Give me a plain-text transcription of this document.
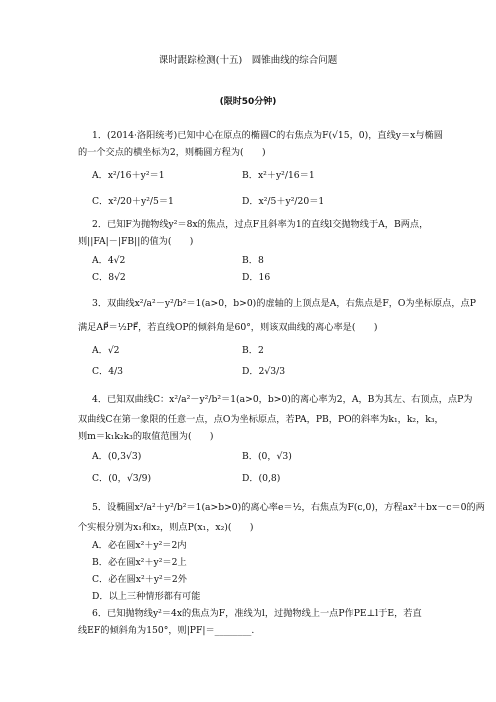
课时跟踪检测(十五)　圆锥曲线的综合问题
(限时50分钟)
1．(2014·洛阳统考)已知中心在原点的椭圆C的右焦点为F(√15，0)，直线y＝x与椭圆
的一个交点的横坐标为2，则椭圆方程为(　　)
A．x²/16＋y²＝1	B．x²＋y²/16＝1
C．x²/20＋y²/5＝1	D．x²/5＋y²/20＝1
2．已知F为抛物线y²＝8x的焦点，过点F且斜率为1的直线l交抛物线于A，B两点，
则||FA|－|FB||的值为(　　)
A．4√2	B．8
C．8√2	D．16
3．双曲线x²/a²－y²/b²＝1(a>0，b>0)的虚轴的上顶点是A，右焦点是F，O为坐标原点，点P
满足AP⃗＝½PF⃗，若直线OP的倾斜角是60°，则该双曲线的离心率是(　　)
A．√2	B．2
C．4/3	D．2√3/3
4．已知双曲线C：x²/a²－y²/b²＝1(a>0，b>0)的离心率为2，A，B为其左、右顶点，点P为
双曲线C在第一象限的任意一点，点O为坐标原点，若PA，PB，PO的斜率为k₁，k₂，k₃，
则m＝k₁k₂k₃的取值范围为(　　)
A．(0,3√3)	B．(0，√3)
C．(0，√3/9)	D．(0,8)
5．设椭圆x²/a²＋y²/b²＝1(a>b>0)的离心率e＝½，右焦点为F(c,0)，方程ax²＋bx－c＝0的两
个实根分别为x₁和x₂，则点P(x₁，x₂)(　　)
A．必在圆x²＋y²＝2内
B．必在圆x²＋y²＝2上
C．必在圆x²＋y²＝2外
D．以上三种情形都有可能
6．已知抛物线y²＝4x的焦点为F，准线为l，过抛物线上一点P作PE⊥l于E，若直
线EF的倾斜角为150°，则|PF|＝________.
